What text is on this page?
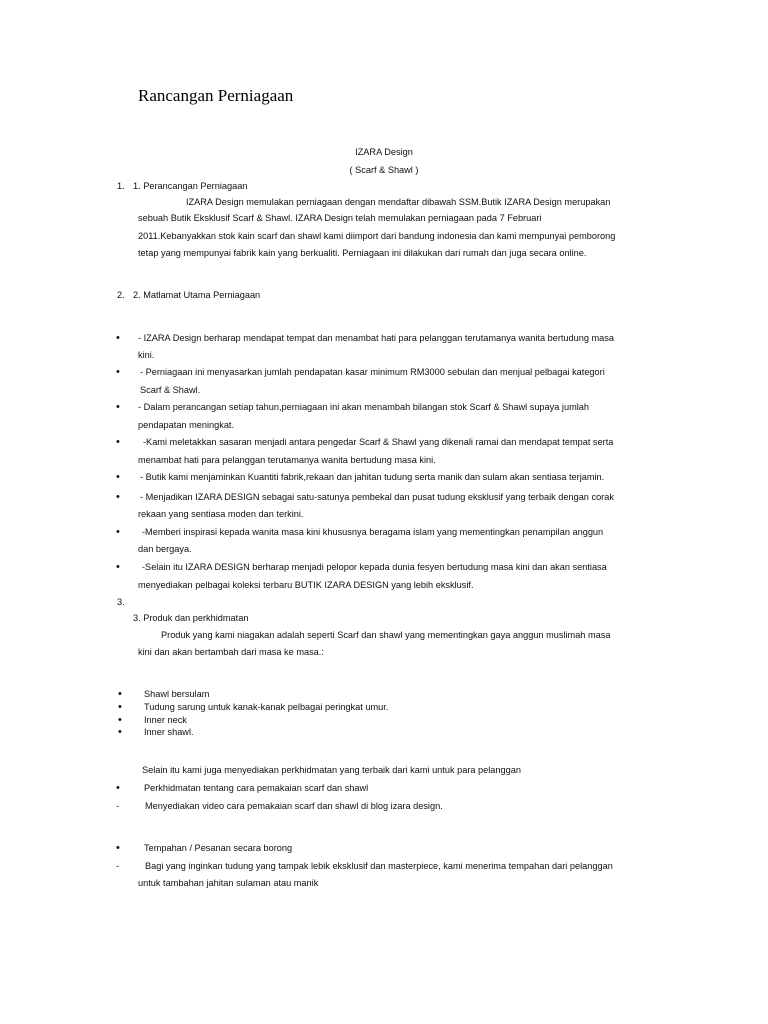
Rancangan Perniagaan
IZARA Design
( Scarf & Shawl )
1. 1. Perancangan Perniagaan
IZARA Design memulakan perniagaan dengan mendaftar dibawah SSM.Butik IZARA Design merupakan
sebuah Butik Eksklusif Scarf & Shawl. IZARA Design telah memulakan perniagaan pada 7 Februari
2011.Kebanyakkan stok kain scarf dan shawl kami diimport dari bandung indonesia dan kami mempunyai pemborong
tetap yang mempunyai fabrik kain yang berkualiti. Perniagaan ini dilakukan dari rumah dan juga secara online.
2. 2. Matlamat Utama Perniagaan
• - IZARA Design berharap mendapat tempat dan menambat hati para pelanggan terutamanya wanita bertudung masa
kini.
• - Perniagaan ini menyasarkan jumlah pendapatan kasar minimum RM3000 sebulan dan menjual pelbagai kategori
Scarf & Shawl.
• - Dalam perancangan setiap tahun,perniagaan ini akan menambah bilangan stok Scarf & Shawl supaya jumlah
pendapatan meningkat.
•	-Kami meletakkan sasaran menjadi antara pengedar Scarf & Shawl yang dikenali ramai dan mendapat tempat serta
menambat hati para pelanggan terutamanya wanita bertudung masa kini.
• - Butik kami menjaminkan Kuantiti fabrik,rekaan dan jahitan tudung serta manik dan sulam akan sentiasa terjamin.
• - Menjadikan IZARA DESIGN sebagai satu-satunya pembekal dan pusat tudung eksklusif yang terbaik dengan corak
rekaan yang sentiasa moden dan terkini.
• -Memberi inspirasi kepada wanita masa kini khususnya beragama islam yang mementingkan penampilan anggun
dan bergaya.
• -Selain itu IZARA DESIGN berharap menjadi pelopor kepada dunia fesyen bertudung masa kini dan akan sentiasa
menyediakan pelbagai koleksi terbaru BUTIK IZARA DESIGN yang lebih eksklusif.
3.
3. Produk dan perkhidmatan
Produk yang kami niagakan adalah seperti Scarf dan shawl yang mementingkan gaya anggun muslimah masa
kini dan akan bertambah dari masa ke masa.:
• Shawl bersulam
• Tudung sarung untuk kanak-kanak pelbagai peringkat umur.
• Inner neck
• Inner shawl.
Selain itu kami juga menyediakan perkhidmatan yang terbaik dari kami untuk para pelanggan
•	Perkhidmatan tentang cara pemakaian scarf dan shawl
-	Menyediakan video cara pemakaian scarf dan shawl di blog izara design.
•	Tempahan / Pesanan secara borong
-	Bagi yang inginkan tudung yang tampak lebik eksklusif dan masterpiece, kami menerima tempahan dari pelanggan
untuk tambahan jahitan sulaman atau manik
